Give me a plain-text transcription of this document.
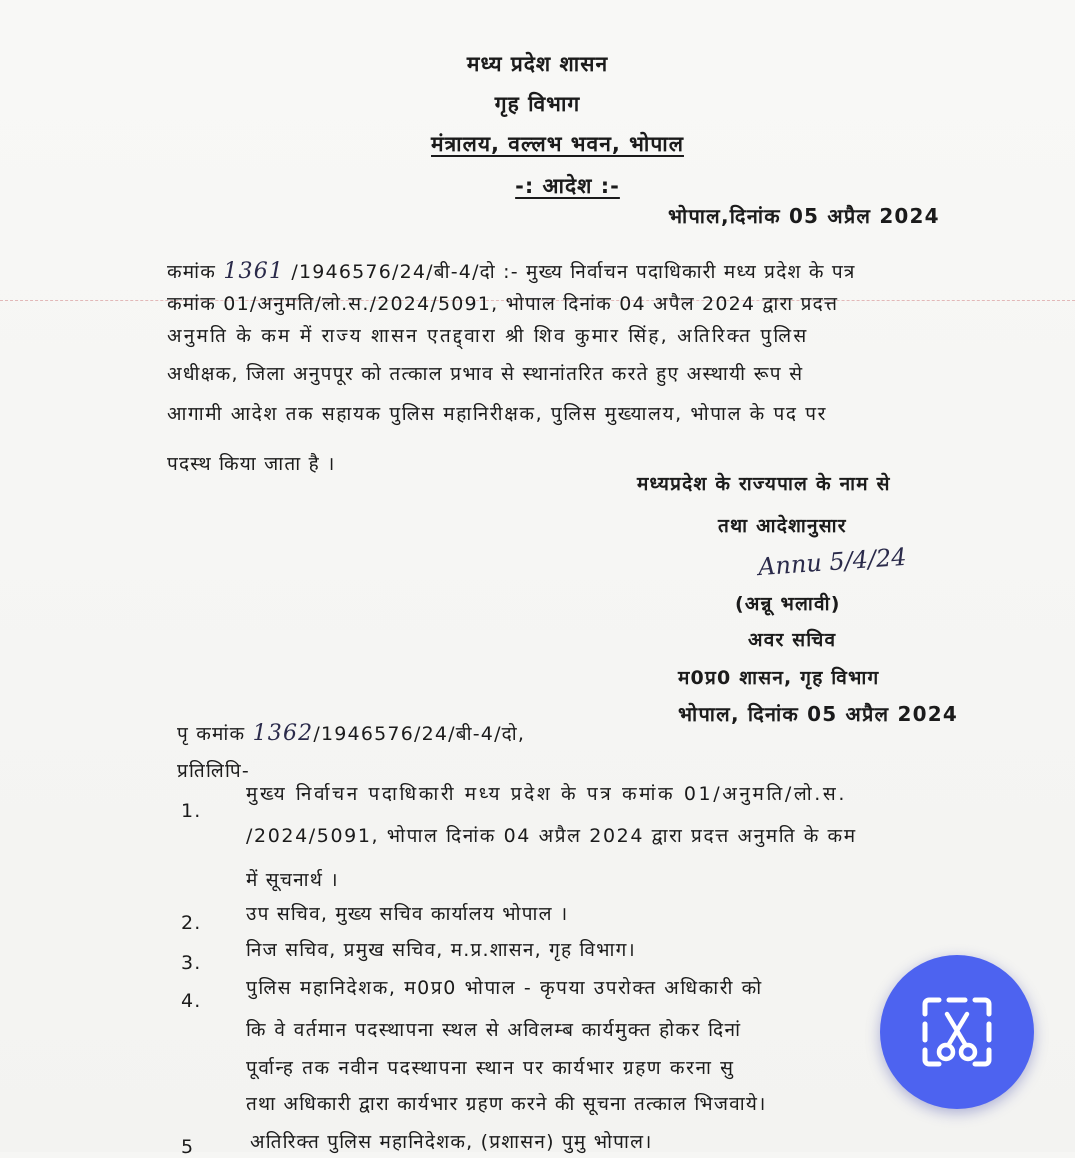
मध्य प्रदेश शासन
गृह विभाग
मंत्रालय, वल्लभ भवन, भोपाल
-: आदेश :-
भोपाल,दिनांक 05 अप्रैल 2024
कमांक 1361 /1946576/24/बी-4/दो :- मुख्य निर्वाचन पदाधिकारी मध्य प्रदेश के पत्र
कमांक 01/अनुमति/लो.स./2024/5091, भोपाल दिनांक 04 अपैल 2024 द्वारा प्रदत्त
अनुमति के कम में राज्य शासन एतद्द्वारा श्री शिव कुमार सिंह, अतिरिक्त पुलिस
अधीक्षक, जिला अनुपपूर को तत्काल प्रभाव से स्थानांतरित करते हुए अस्थायी रूप से
आगामी आदेश तक सहायक पुलिस महानिरीक्षक, पुलिस मुख्यालय, भोपाल के पद पर
पदस्थ किया जाता है ।
मध्यप्रदेश के राज्यपाल के नाम से
तथा आदेशानुसार
Annu 5/4/24
(अन्नू भलावी)
अवर सचिव
म0प्र0 शासन, गृह विभाग
पृ कमांक 1362/1946576/24/बी-4/दो,
भोपाल, दिनांक 05 अप्रैल 2024
प्रतिलिपि-
1.
मुख्य निर्वाचन पदाधिकारी मध्य प्रदेश के पत्र कमांक 01/अनुमति/लो.स.
/2024/5091, भोपाल दिनांक 04 अप्रैल 2024 द्वारा प्रदत्त अनुमति के कम
में सूचनार्थ ।
2. उप सचिव, मुख्य सचिव कार्यालय भोपाल ।
3.
निज सचिव, प्रमुख सचिव, म.प्र.शासन, गृह विभाग।
4.
पुलिस महानिदेशक, म0प्र0 भोपाल - कृपया उपरोक्त अधिकारी को
कि वे वर्तमान पदस्थापना स्थल से अविलम्ब कार्यमुक्त होकर दिनां
पूर्वान्ह तक नवीन पदस्थापना स्थान पर कार्यभार ग्रहण करना सु
तथा अधिकारी द्वारा कार्यभार ग्रहण करने की सूचना तत्काल भिजवाये।
5	अतिरिक्त पुलिस महानिदेशक, (प्रशासन) पुमु भोपाल।
